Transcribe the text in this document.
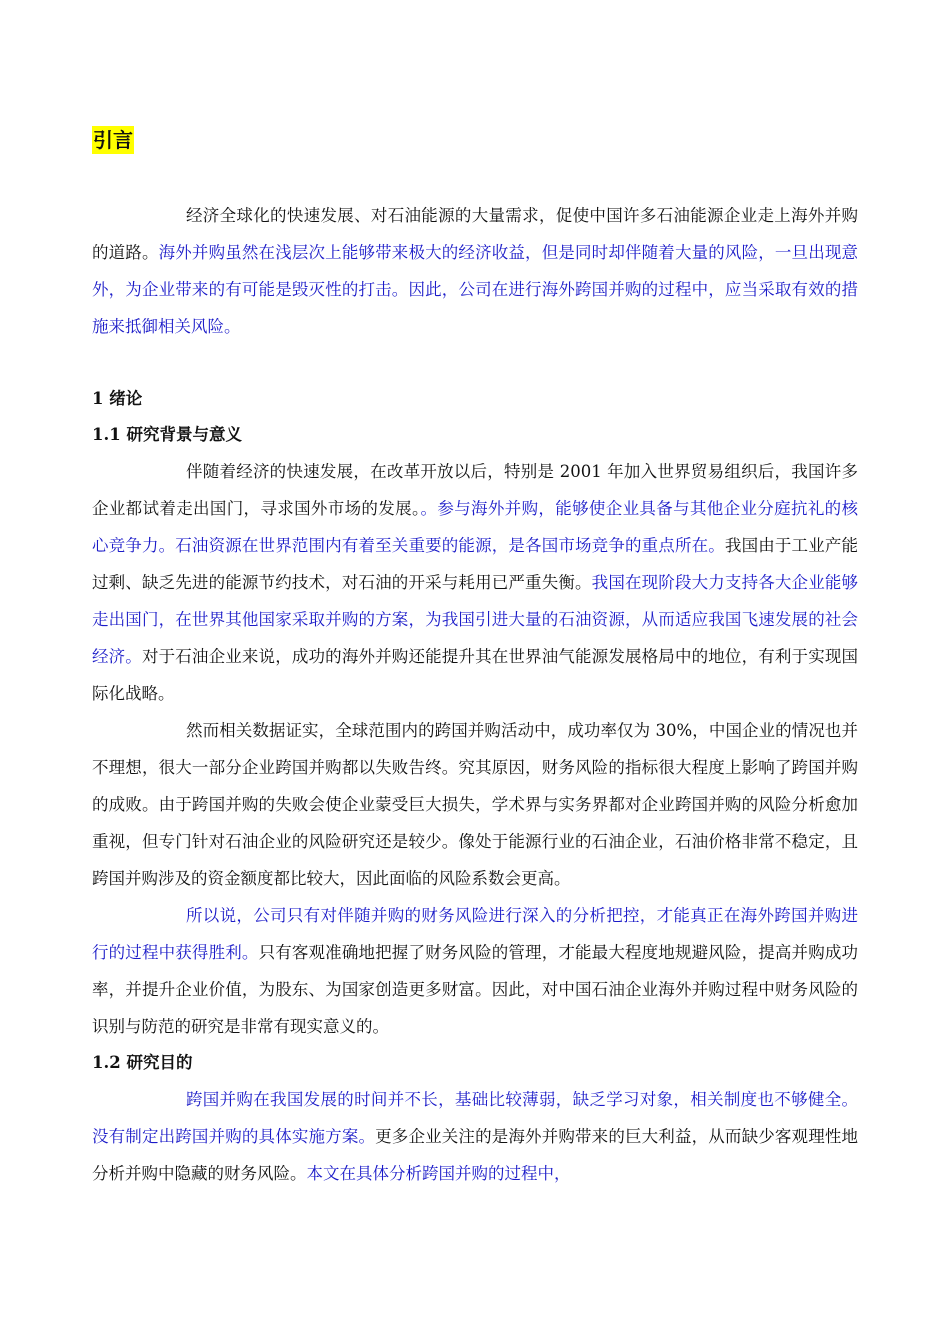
引言

经济全球化的快速发展、对石油能源的大量需求，促使中国许多石油能源企业走上海外并购的道路。海外并购虽然在浅层次上能够带来极大的经济收益，但是同时却伴随着大量的风险，一旦出现意外，为企业带来的有可能是毁灭性的打击。因此，公司在进行海外跨国并购的过程中，应当采取有效的措施来抵御相关风险。

1 绪论
1.1 研究背景与意义

伴随着经济的快速发展，在改革开放以后，特别是 2001 年加入世界贸易组织后，我国许多企业都试着走出国门，寻求国外市场的发展。。参与海外并购，能够使企业具备与其他企业分庭抗礼的核心竞争力。石油资源在世界范围内有着至关重要的能源，是各国市场竞争的重点所在。我国由于工业产能过剩、缺乏先进的能源节约技术，对石油的开采与耗用已严重失衡。我国在现阶段大力支持各大企业能够走出国门，在世界其他国家采取并购的方案，为我国引进大量的石油资源，从而适应我国飞速发展的社会经济。对于石油企业来说，成功的海外并购还能提升其在世界油气能源发展格局中的地位，有利于实现国际化战略。

然而相关数据证实，全球范围内的跨国并购活动中，成功率仅为 30%，中国企业的情况也并不理想，很大一部分企业跨国并购都以失败告终。究其原因，财务风险的指标很大程度上影响了跨国并购的成败。由于跨国并购的失败会使企业蒙受巨大损失，学术界与实务界都对企业跨国并购的风险分析愈加重视，但专门针对石油企业的风险研究还是较少。像处于能源行业的石油企业，石油价格非常不稳定，且跨国并购涉及的资金额度都比较大，因此面临的风险系数会更高。

所以说，公司只有对伴随并购的财务风险进行深入的分析把控，才能真正在海外跨国并购进行的过程中获得胜利。只有客观准确地把握了财务风险的管理，才能最大程度地规避风险，提高并购成功率，并提升企业价值，为股东、为国家创造更多财富。因此，对中国石油企业海外并购过程中财务风险的识别与防范的研究是非常有现实意义的。

1.2 研究目的

跨国并购在我国发展的时间并不长，基础比较薄弱，缺乏学习对象，相关制度也不够健全。没有制定出跨国并购的具体实施方案。更多企业关注的是海外并购带来的巨大利益，从而缺少客观理性地分析并购中隐藏的财务风险。本文在具体分析跨国并购的过程中，
